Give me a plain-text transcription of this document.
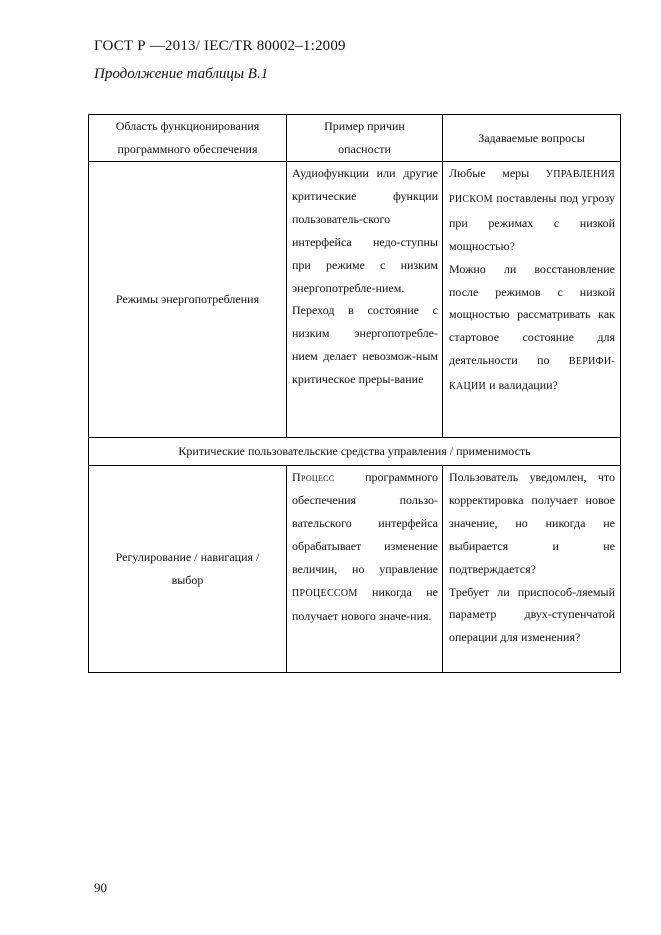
ГОСТ Р —2013/ IEC/TR 80002–1:2009
Продолжение таблицы В.1
Область функционирования программного обеспечения
Пример причин опасности
Задаваемые вопросы
Режимы энергопотребления
Аудиофункции или другие критические функции пользователь-ского интерфейса недо-ступны при режиме с низким энергопотребле-нием.
Переход в состояние с низким энергопотребле-нием делает невозмож-ным критическое преры-вание
Любые меры УПРАВЛЕНИЯ РИСКОМ поставлены под угрозу при режимах с низкой мощностью?
Можно ли восстановление после режимов с низкой мощностью рассматривать как стартовое состояние для деятельности по ВЕРИФИ-КАЦИИ и валидации?
Критические пользовательские средства управления / применимость
Регулирование / навигация / выбор
Процесс программного обеспечения пользо-вательского интерфейса обрабатывает изменение величин, но управление ПРОЦЕССОМ никогда не получает нового значе-ния.
Пользователь уведомлен, что корректировка получает новое значение, но никогда не выбирается и не подтверждается?
Требует ли приспособ-ляемый параметр двух-ступенчатой операции для изменения?
90
